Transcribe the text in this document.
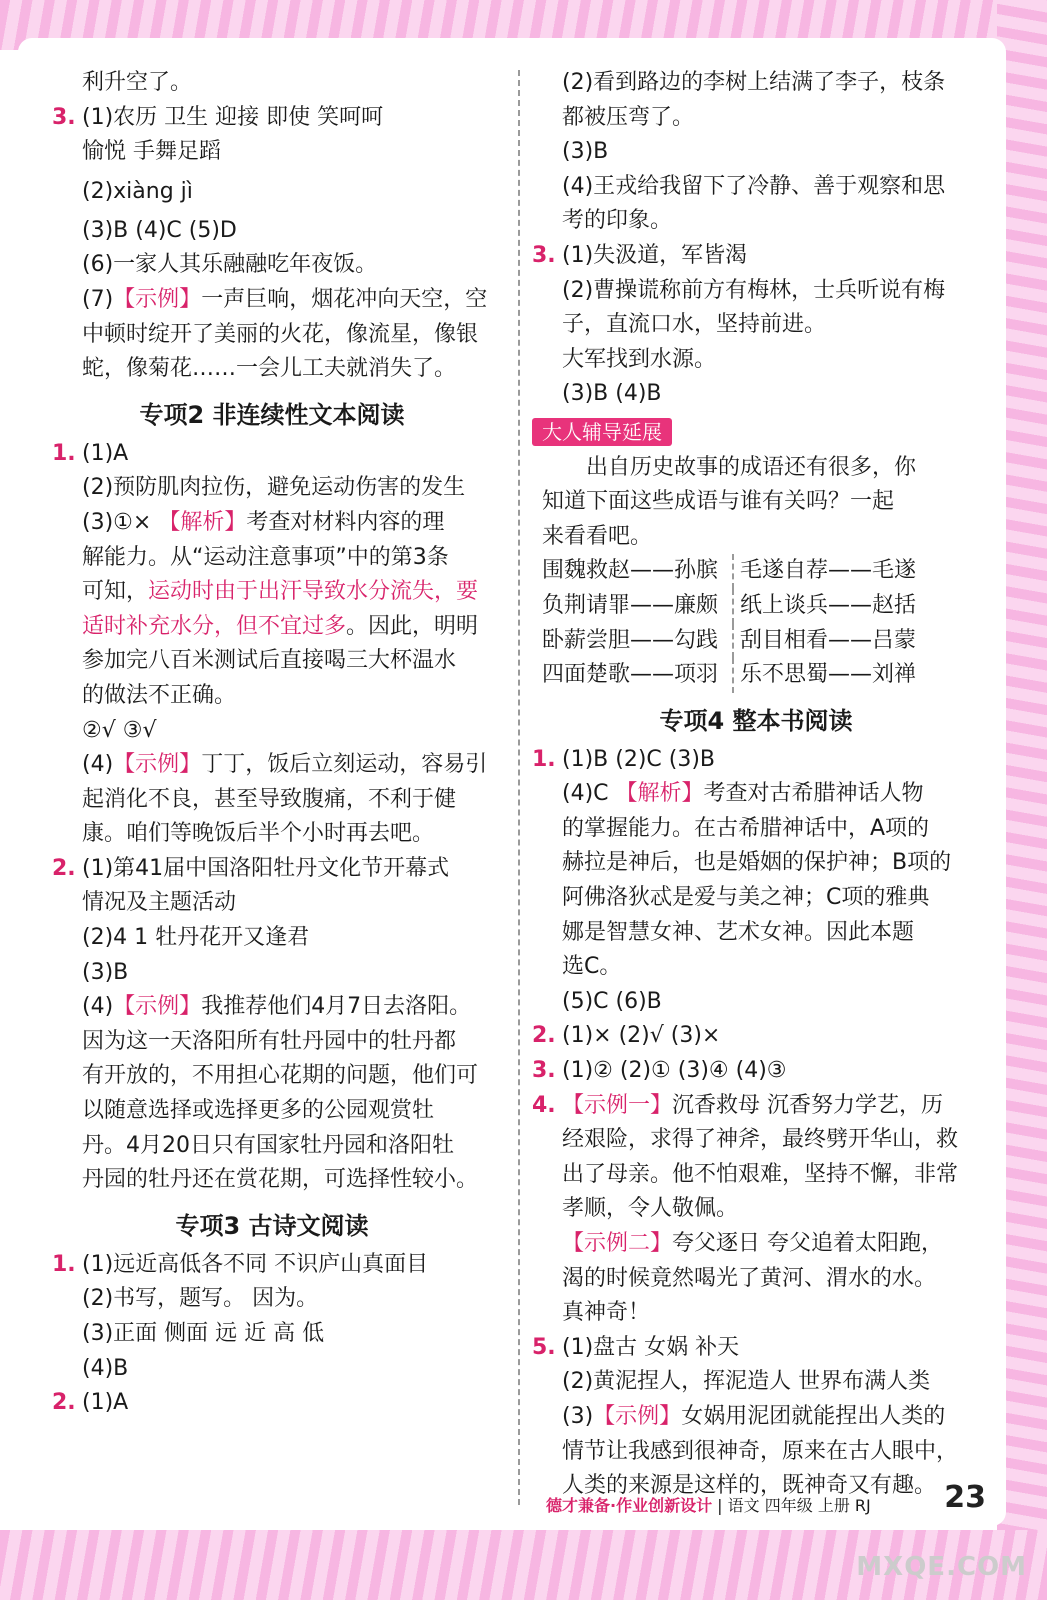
利升空了。
3. (1)农历 卫生 迎接 即使 笑呵呵
愉悦 手舞足蹈
(2)xiàng jì
(3)B (4)C (5)D
(6)一家人其乐融融吃年夜饭。
(7)【示例】一声巨响，烟花冲向天空，空
中顿时绽开了美丽的火花，像流星，像银
蛇，像菊花……一会儿工夫就消失了。
专项2 非连续性文本阅读
1. (1)A
(2)预防肌肉拉伤，避免运动伤害的发生
(3)①× 【解析】考查对材料内容的理
解能力。从“运动注意事项”中的第3条
可知，运动时由于出汗导致水分流失，要
适时补充水分，但不宜过多。因此，明明
参加完八百米测试后直接喝三大杯温水
的做法不正确。
②√ ③√
(4)【示例】丁丁，饭后立刻运动，容易引
起消化不良，甚至导致腹痛，不利于健
康。咱们等晚饭后半个小时再去吧。
2. (1)第41届中国洛阳牡丹文化节开幕式
情况及主题活动
(2)4 1 牡丹花开又逢君
(3)B
(4)【示例】我推荐他们4月7日去洛阳。
因为这一天洛阳所有牡丹园中的牡丹都
有开放的，不用担心花期的问题，他们可
以随意选择或选择更多的公园观赏牡
丹。4月20日只有国家牡丹园和洛阳牡
丹园的牡丹还在赏花期，可选择性较小。
专项3 古诗文阅读
1. (1)远近高低各不同 不识庐山真面目
(2)书写，题写。 因为。
(3)正面 侧面 远 近 高 低
(4)B
2. (1)A
(2)看到路边的李树上结满了李子，枝条
都被压弯了。
(3)B
(4)王戎给我留下了冷静、善于观察和思
考的印象。
3. (1)失汲道，军皆渴
(2)曹操谎称前方有梅林，士兵听说有梅
子，直流口水，坚持前进。
大军找到水源。
(3)B (4)B
大人辅导延展
出自历史故事的成语还有很多，你
知道下面这些成语与谁有关吗？一起
来看看吧。
围魏救赵——孙膑 毛遂自荐——毛遂
负荆请罪——廉颇 纸上谈兵——赵括
卧薪尝胆——勾践 刮目相看——吕蒙
四面楚歌——项羽 乐不思蜀——刘禅
专项4 整本书阅读
1. (1)B (2)C (3)B
(4)C 【解析】考查对古希腊神话人物
的掌握能力。在古希腊神话中，A项的
赫拉是神后，也是婚姻的保护神；B项的
阿佛洛狄忒是爱与美之神；C项的雅典
娜是智慧女神、艺术女神。因此本题
选C。
(5)C (6)B
2. (1)× (2)√ (3)×
3. (1)② (2)① (3)④ (4)③
4. 【示例一】沉香救母 沉香努力学艺，历
经艰险，求得了神斧，最终劈开华山，救
出了母亲。他不怕艰难，坚持不懈，非常
孝顺，令人敬佩。
【示例二】夸父逐日 夸父追着太阳跑，
渴的时候竟然喝光了黄河、渭水的水。
真神奇！
5. (1)盘古 女娲 补天
(2)黄泥捏人，挥泥造人 世界布满人类
(3)【示例】女娲用泥团就能捏出人类的
情节让我感到很神奇，原来在古人眼中，
人类的来源是这样的，既神奇又有趣。
德才兼备·作业创新设计 | 语文 四年级 上册 RJ 23
MXQE.COM
